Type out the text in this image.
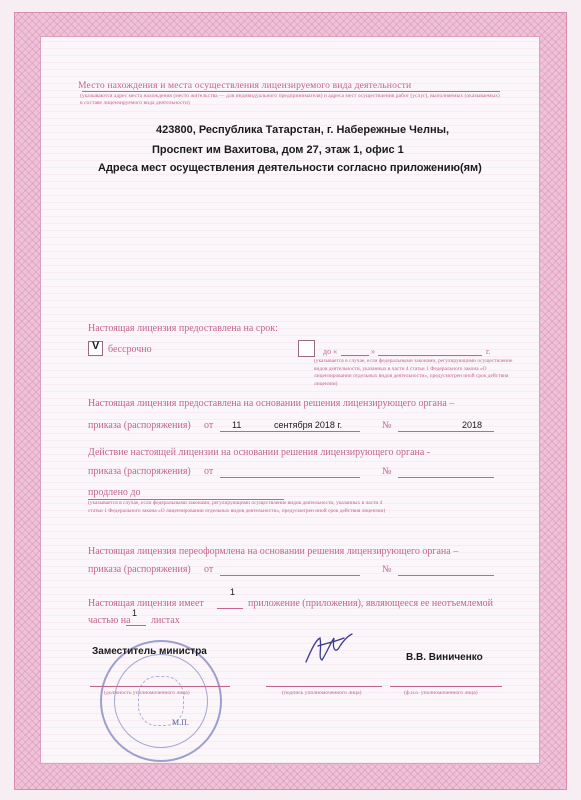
Место нахождения и места осуществления лицензируемого вида деятельности
(указываются адрес места нахождения (место жительства — для индивидуального предпринимателя) и адреса мест осуществления работ (услуг), выполняемых (оказываемых) в составе лицензируемого вида деятельности)
423800, Республика Татарстан, г. Набережные Челны,
Проспект им Вахитова, дом 27, этаж 1, офис 1
Адреса мест осуществления деятельности согласно приложению(ям)
Настоящая лицензия предоставлена на срок:
V бессрочно	до «	»	г.
(указывается в случае, если федеральными законами, регулирующими осуществление видов деятельности, указанных в части 4 статьи 1 Федерального закона «О лицензировании отдельных видов деятельности», предусмотрен иной срок действия лицензии)
Настоящая лицензия предоставлена на основании решения лицензирующего органа –
приказа (распоряжения) от 11	сентября 2018 г.	№	2018
Действие настоящей лицензии на основании решения лицензирующего органа -
приказа (распоряжения) от	№
продлено до
(указывается в случае, если федеральными законами, регулирующими осуществление видов деятельности, указанных в части 4 статьи 1 Федерального закона «О лицензировании отдельных видов деятельности», предусмотрен иной срок действия лицензии)
Настоящая лицензия переоформлена на основании решения лицензирующего органа –
приказа (распоряжения) от	№
Настоящая лицензия имеет
1
приложение (приложения), являющееся ее неотъемлемой
частью на
1
листах
М.П.
Заместитель министра
В.В. Виниченко
(должность уполномоченного лица)	(подпись уполномоченного лица)	(ф.и.о. уполномоченного лица)
